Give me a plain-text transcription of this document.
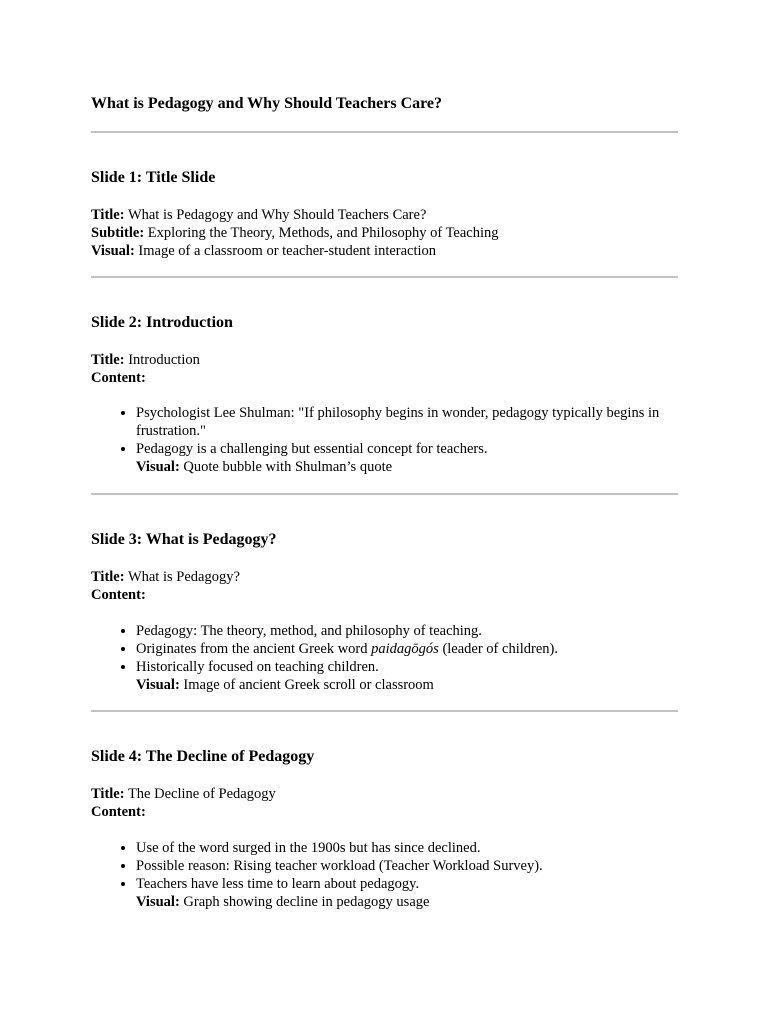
What is Pedagogy and Why Should Teachers Care?
Slide 1: Title Slide
Title: What is Pedagogy and Why Should Teachers Care?
Subtitle: Exploring the Theory, Methods, and Philosophy of Teaching
Visual: Image of a classroom or teacher-student interaction
Slide 2: Introduction
Title: Introduction
Content:
• Psychologist Lee Shulman: "If philosophy begins in wonder, pedagogy typically begins in frustration."
• Pedagogy is a challenging but essential concept for teachers.
Visual: Quote bubble with Shulman’s quote
Slide 3: What is Pedagogy?
Title: What is Pedagogy?
Content:
• Pedagogy: The theory, method, and philosophy of teaching.
• Originates from the ancient Greek word paidagōgós (leader of children).
• Historically focused on teaching children.
Visual: Image of ancient Greek scroll or classroom
Slide 4: The Decline of Pedagogy
Title: The Decline of Pedagogy
Content:
• Use of the word surged in the 1900s but has since declined.
• Possible reason: Rising teacher workload (Teacher Workload Survey).
• Teachers have less time to learn about pedagogy.
Visual: Graph showing decline in pedagogy usage
